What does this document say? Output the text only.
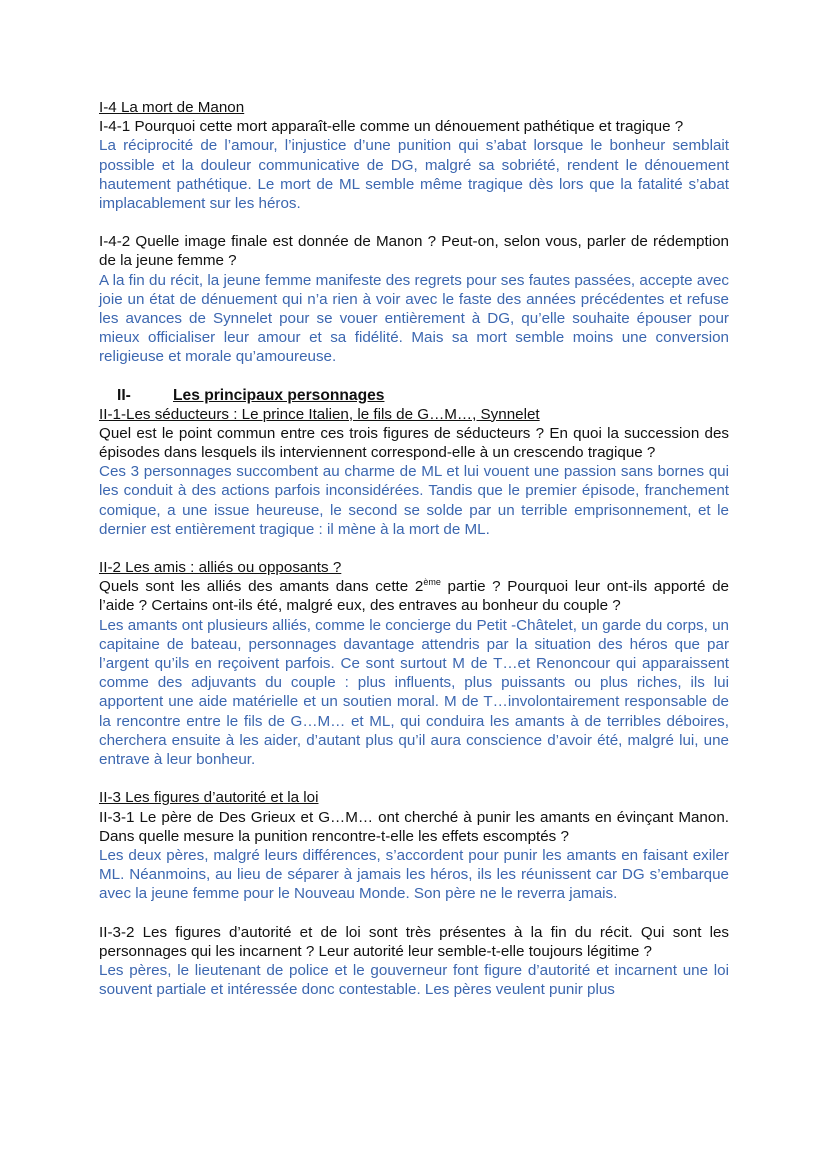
I-4 La mort de Manon

I-4-1 Pourquoi cette mort apparaît-elle comme un dénouement pathétique et tragique ?

La réciprocité de l’amour, l’injustice d’une punition qui s’abat lorsque le bonheur semblait possible et la douleur communicative de DG, malgré sa sobriété, rendent le dénouement hautement pathétique. Le mort de ML semble même tragique dès lors que la fatalité s’abat implacablement sur les héros.

I-4-2 Quelle image finale est donnée de Manon ? Peut-on, selon vous, parler de rédemption de la jeune femme ?

A la fin du récit, la jeune femme manifeste des regrets pour ses fautes passées, accepte avec joie un état de dénuement qui n’a rien à voir avec le faste des années précédentes et refuse les avances de Synnelet pour se vouer entièrement à DG, qu’elle souhaite épouser pour mieux officialiser leur amour et sa fidélité. Mais sa mort semble moins une conversion religieuse et morale qu’amoureuse.

II-	Les principaux personnages

II-1-Les séducteurs : Le prince Italien, le fils de G…M…, Synnelet

Quel est le point commun entre ces trois figures de séducteurs ? En quoi la succession des épisodes dans lesquels ils interviennent correspond-elle à un crescendo tragique ?

Ces 3 personnages succombent au charme de ML et lui vouent une passion sans bornes qui les conduit à des actions parfois inconsidérées. Tandis que le premier épisode, franchement comique, a une issue heureuse, le second se solde par un terrible emprisonnement, et le dernier est entièrement tragique : il mène à la mort de ML.

II-2 Les amis : alliés ou opposants ?

Quels sont les alliés des amants dans cette 2ème partie ? Pourquoi leur ont-ils apporté de l’aide ? Certains ont-ils été, malgré eux, des entraves au bonheur du couple ?

Les amants ont plusieurs alliés, comme le concierge du Petit -Châtelet, un garde du corps, un capitaine de bateau, personnages davantage attendris par la situation des héros que par l’argent qu’ils en reçoivent parfois. Ce sont surtout M de T…et Renoncour qui apparaissent comme des adjuvants du couple : plus influents, plus puissants ou plus riches, ils lui apportent une aide matérielle et un soutien moral. M de T…involontairement responsable de la rencontre entre le fils de G…M… et ML, qui conduira les amants à de terribles déboires, cherchera ensuite à les aider, d’autant plus qu’il aura conscience d’avoir été, malgré lui, une entrave à leur bonheur.

II-3 Les figures d’autorité et la loi

II-3-1 Le père de Des Grieux et G…M… ont cherché à punir les amants en évinçant Manon. Dans quelle mesure la punition rencontre-t-elle les effets escomptés ?

Les deux pères, malgré leurs différences, s’accordent pour punir les amants en faisant exiler ML. Néanmoins, au lieu de séparer à jamais les héros, ils les réunissent car DG s’embarque avec la jeune femme pour le Nouveau Monde. Son père ne le reverra jamais.

II-3-2 Les figures d’autorité et de loi sont très présentes à la fin du récit. Qui sont les personnages qui les incarnent ? Leur autorité leur semble-t-elle toujours légitime ?

Les pères, le lieutenant de police et le gouverneur font figure d’autorité et incarnent une loi souvent partiale et intéressée donc contestable. Les pères veulent punir plus
